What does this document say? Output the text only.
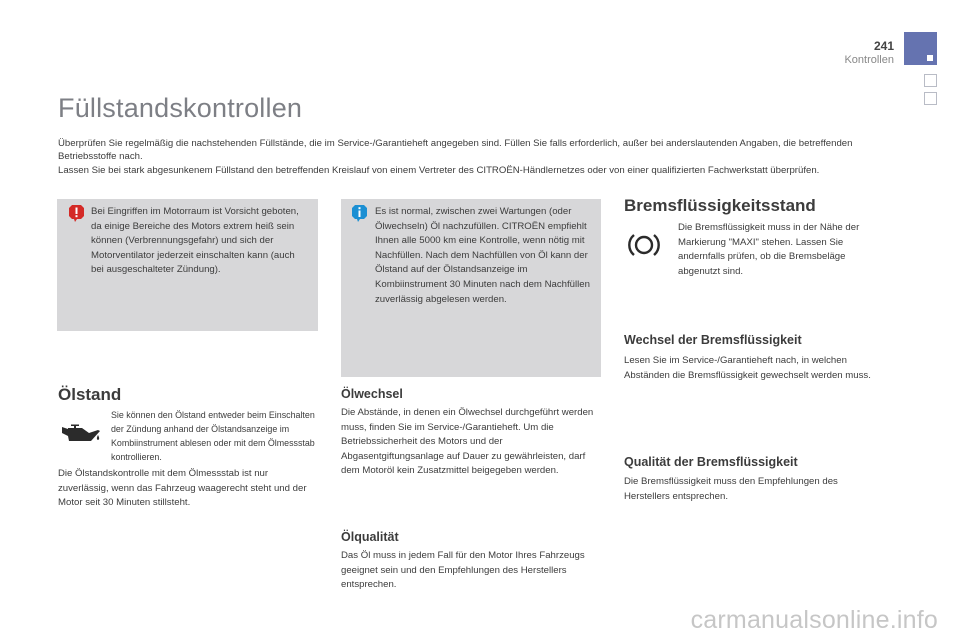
241
Kontrollen
Füllstandskontrollen

Überprüfen Sie regelmäßig die nachstehenden Füllstände, die im Service-/Garantieheft angegeben sind. Füllen Sie falls erforderlich, außer bei anderslautenden Angaben, die betreffenden Betriebsstoffe nach.

Lassen Sie bei stark abgesunkenem Füllstand den betreffenden Kreislauf von einem Vertreter des CITROËN-Händlernetzes oder von einer qualifizierten Fachwerkstatt überprüfen.

Bei Eingriffen im Motorraum ist Vorsicht geboten, da einige Bereiche des Motors extrem heiß sein können (Verbrennungsgefahr) und sich der Motorventilator jederzeit einschalten kann (auch bei ausgeschalteter Zündung).

Es ist normal, zwischen zwei Wartungen (oder Ölwechseln) Öl nachzufüllen. CITROËN empfiehlt Ihnen alle 5000 km eine Kontrolle, wenn nötig mit Nachfüllen. Nach dem Nachfüllen von Öl kann der Ölstand auf der Ölstandsanzeige im Kombiinstrument 30 Minuten nach dem Nachfüllen zuverlässig abgelesen werden.

Ölstand

Sie können den Ölstand entweder beim Einschalten der Zündung anhand der Ölstandsanzeige im Kombiinstrument ablesen oder mit dem Ölmessstab kontrollieren.

Die Ölstandskontrolle mit dem Ölmessstab ist nur zuverlässig, wenn das Fahrzeug waagerecht steht und der Motor seit 30 Minuten stillsteht.

Ölwechsel

Die Abstände, in denen ein Ölwechsel durchgeführt werden muss, finden Sie im Service-/Garantieheft. Um die Betriebssicherheit des Motors und der Abgasentgiftungsanlage auf Dauer zu gewährleisten, darf dem Motoröl kein Zusatzmittel beigegeben werden.

Ölqualität

Das Öl muss in jedem Fall für den Motor Ihres Fahrzeugs geeignet sein und den Empfehlungen des Herstellers entsprechen.

Bremsflüssigkeitsstand

Die Bremsflüssigkeit muss in der Nähe der Markierung "MAXI" stehen. Lassen Sie andernfalls prüfen, ob die Bremsbeläge abgenutzt sind.

Wechsel der Bremsflüssigkeit

Lesen Sie im Service-/Garantieheft nach, in welchen Abständen die Bremsflüssigkeit gewechselt werden muss.

Qualität der Bremsflüssigkeit

Die Bremsflüssigkeit muss den Empfehlungen des Herstellers entsprechen.

carmanualsonline.info
